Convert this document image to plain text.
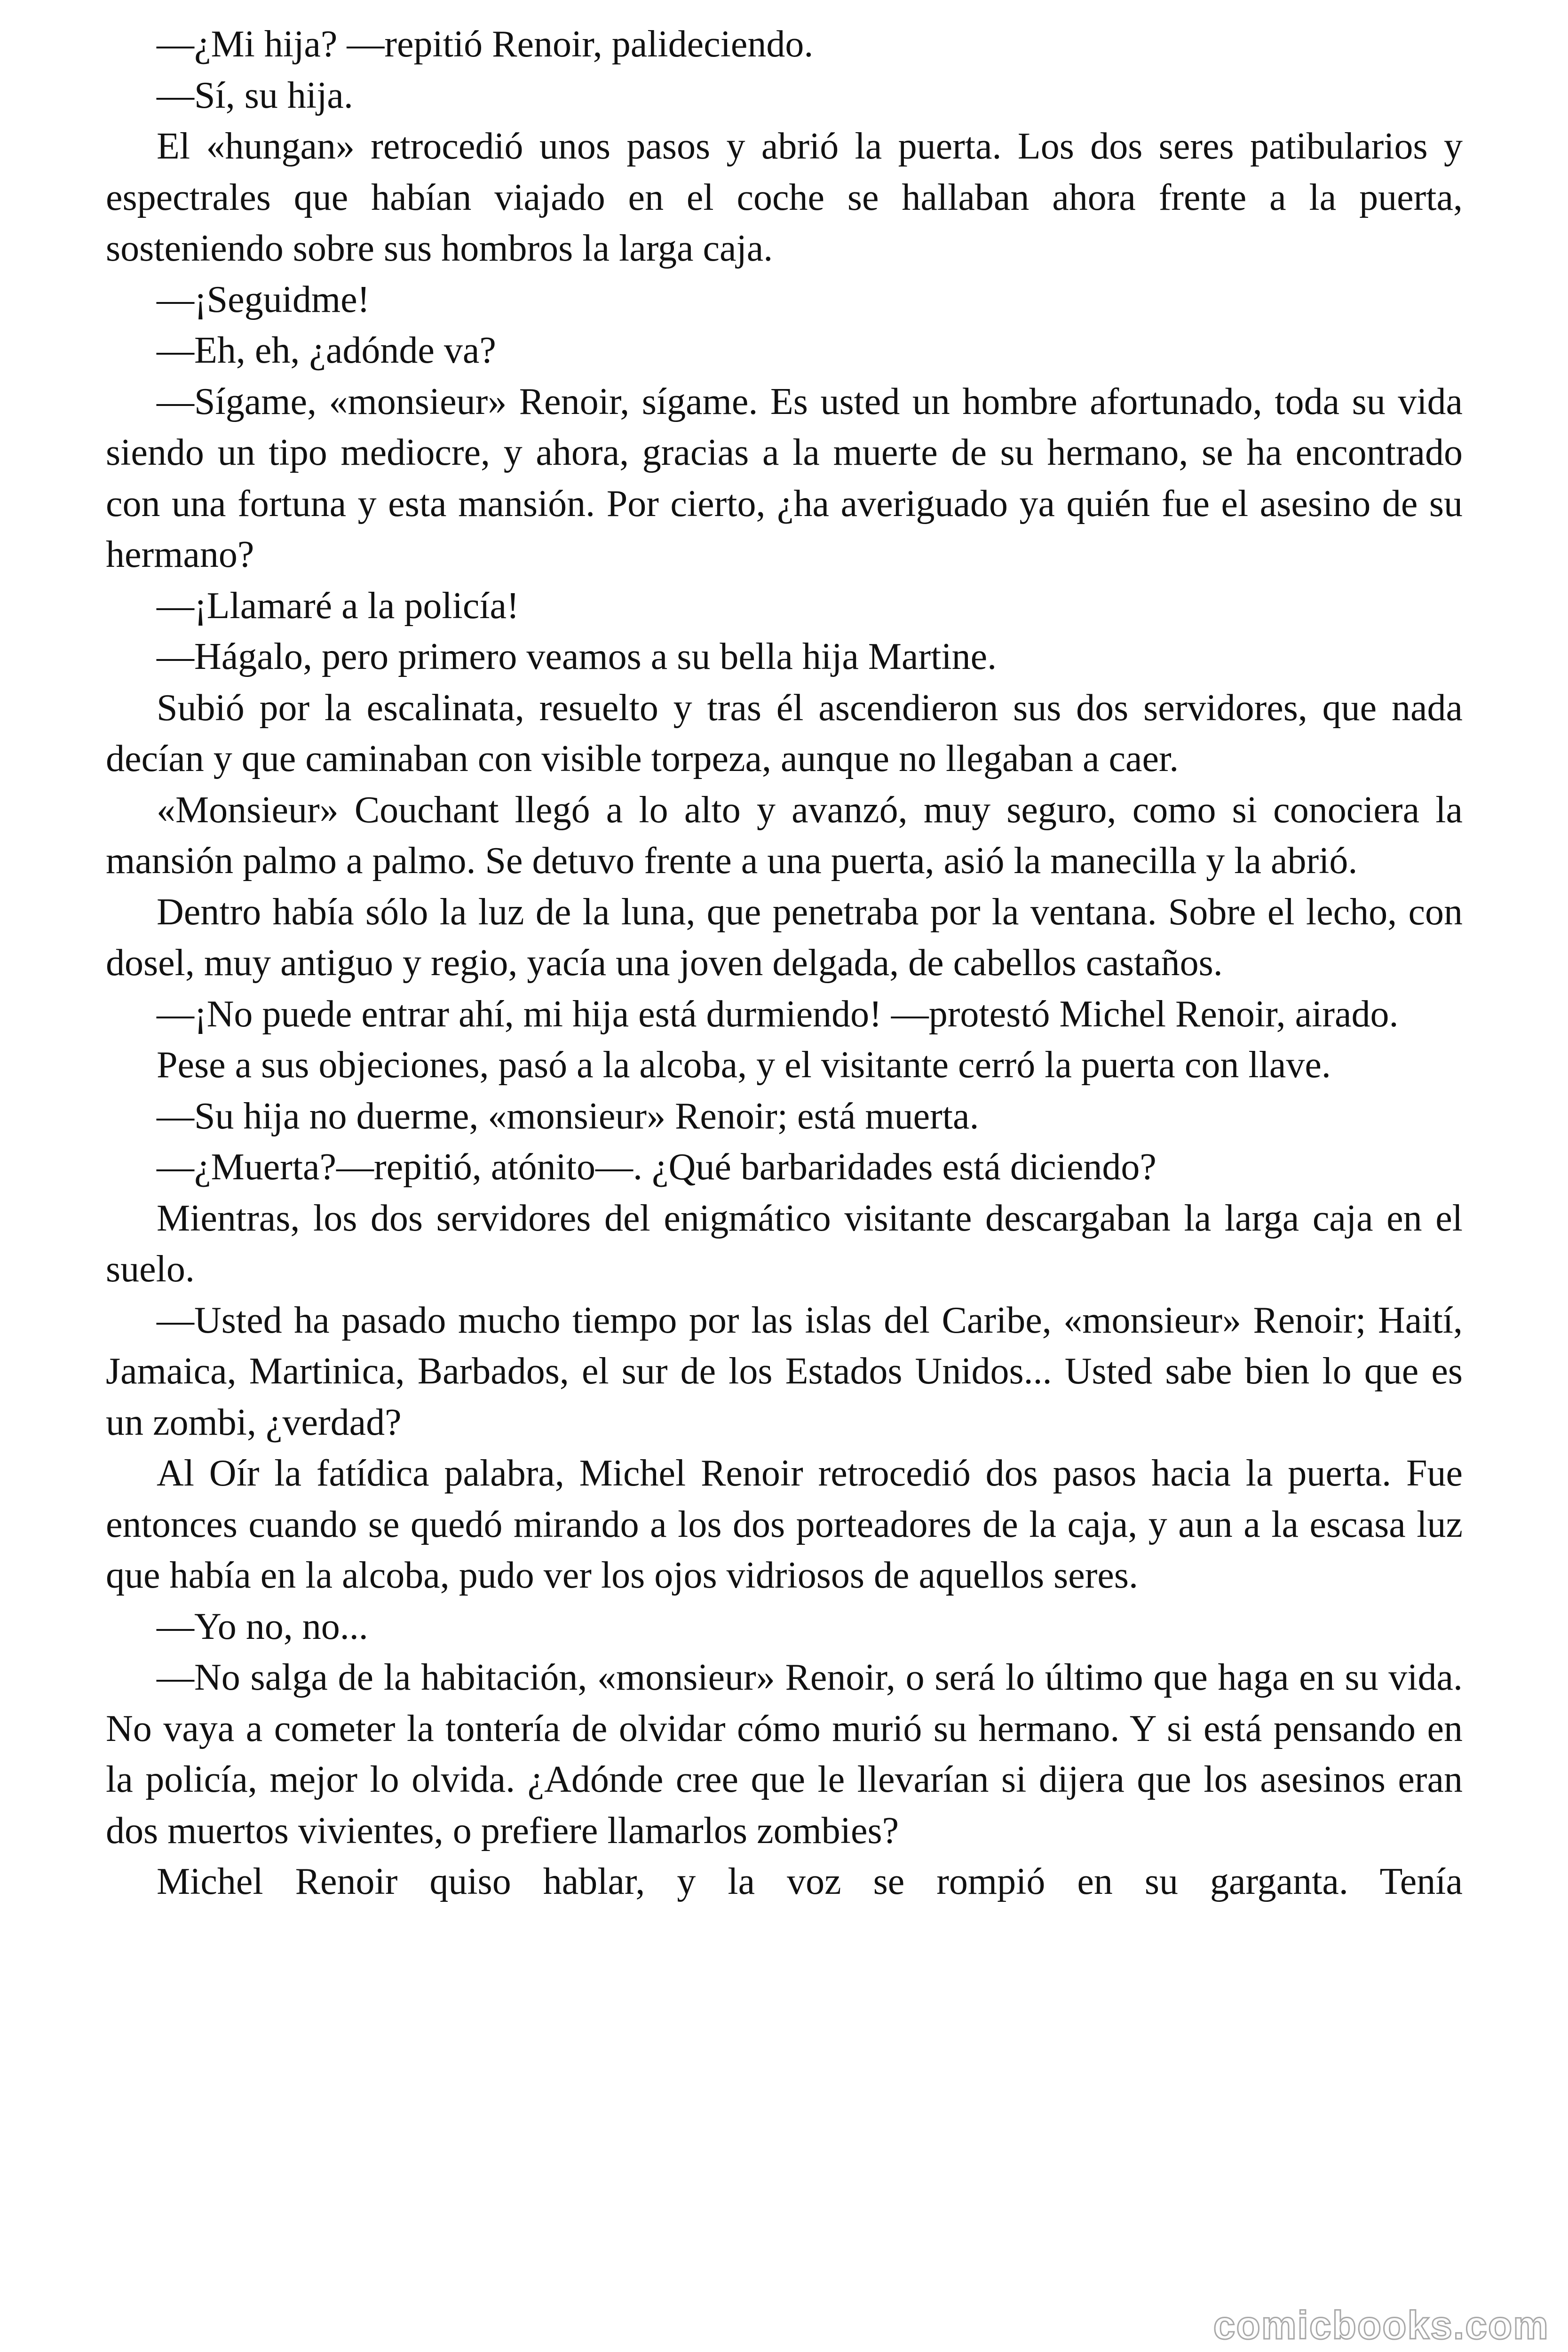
—¿Mi hija? —repitió Renoir, palideciendo.

—Sí, su hija.

El «hungan» retrocedió unos pasos y abrió la puerta. Los dos seres patibularios y espectrales que habían viajado en el coche se hallaban ahora frente a la puerta, sosteniendo sobre sus hombros la larga caja.

—¡Seguidme!

—Eh, eh, ¿adónde va?

—Sígame, «monsieur» Renoir, sígame. Es usted un hombre afortunado, toda su vida siendo un tipo mediocre, y ahora, gracias a la muerte de su hermano, se ha encontrado con una fortuna y esta mansión. Por cierto, ¿ha averiguado ya quién fue el asesino de su hermano?

—¡Llamaré a la policía!

—Hágalo, pero primero veamos a su bella hija Martine.

Subió por la escalinata, resuelto y tras él ascendieron sus dos servidores, que nada decían y que caminaban con visible torpeza, aunque no llegaban a caer.

«Monsieur» Couchant llegó a lo alto y avanzó, muy seguro, como si conociera la mansión palmo a palmo. Se detuvo frente a una puerta, asió la manecilla y la abrió.

Dentro había sólo la luz de la luna, que penetraba por la ventana. Sobre el lecho, con dosel, muy antiguo y regio, yacía una joven delgada, de cabellos castaños.

—¡No puede entrar ahí, mi hija está durmiendo! —protestó Michel Renoir, airado.

Pese a sus objeciones, pasó a la alcoba, y el visitante cerró la puerta con llave.

—Su hija no duerme, «monsieur» Renoir; está muerta.

—¿Muerta?—repitió, atónito—. ¿Qué barbaridades está diciendo?

Mientras, los dos servidores del enigmático visitante descargaban la larga caja en el suelo.

—Usted ha pasado mucho tiempo por las islas del Caribe, «monsieur» Renoir; Haití, Jamaica, Martinica, Barbados, el sur de los Estados Unidos... Usted sabe bien lo que es un zombi, ¿verdad?

Al Oír la fatídica palabra, Michel Renoir retrocedió dos pasos hacia la puerta. Fue entonces cuando se quedó mirando a los dos porteadores de la caja, y aun a la escasa luz que había en la alcoba, pudo ver los ojos vidriosos de aquellos seres.

—Yo no, no...

—No salga de la habitación, «monsieur» Renoir, o será lo último que haga en su vida. No vaya a cometer la tontería de olvidar cómo murió su hermano. Y si está pensando en la policía, mejor lo olvida. ¿Adónde cree que le llevarían si dijera que los asesinos eran dos muertos vivientes, o prefiere llamarlos zombies?

Michel Renoir quiso hablar, y la voz se rompió en su garganta. Tenía

comicbooks.com
